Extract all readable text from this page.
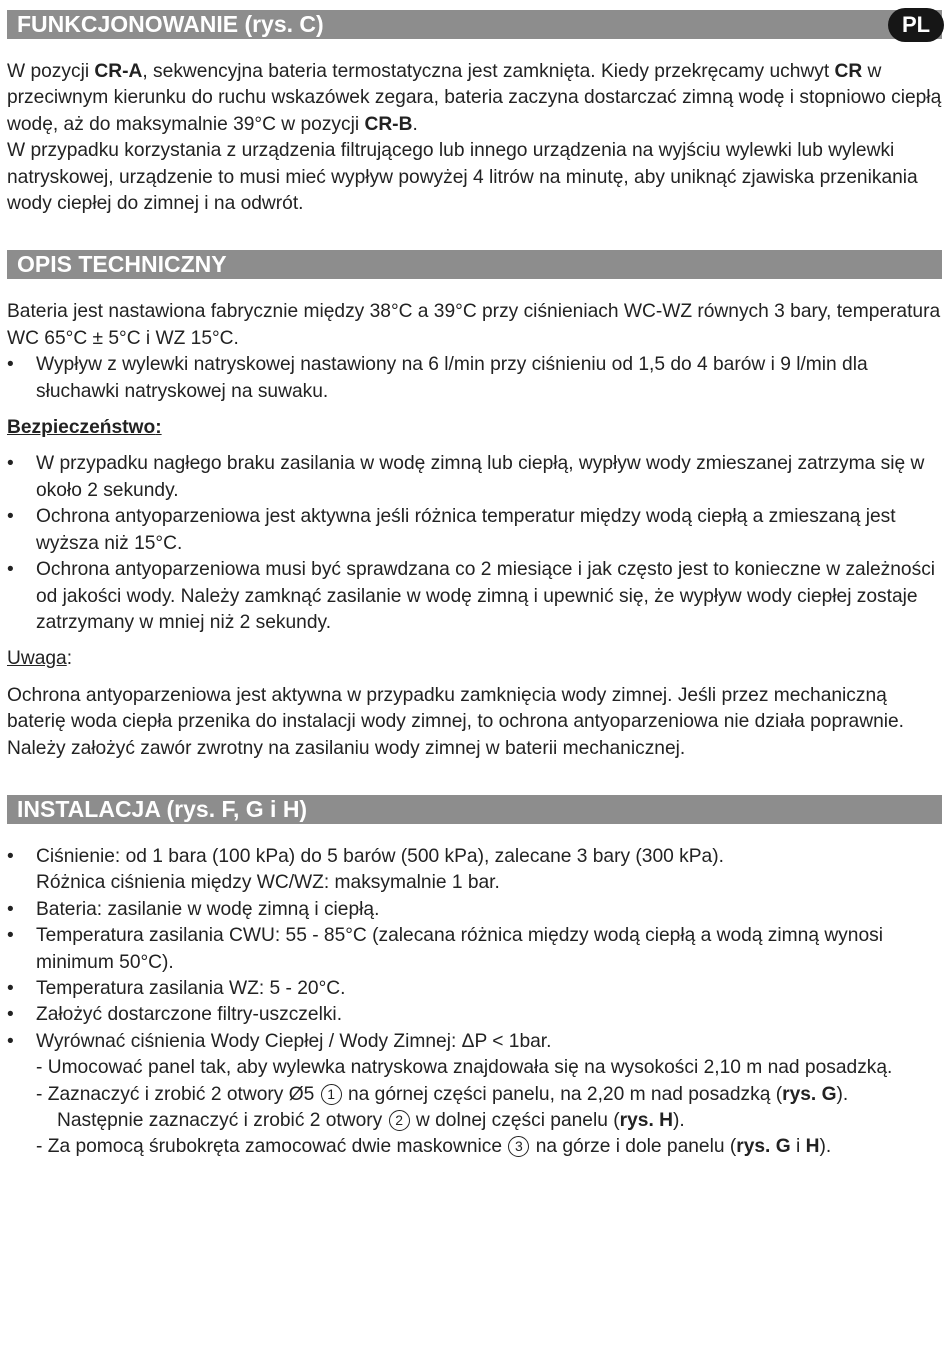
FUNKCJONOWANIE (rys. C)	PL

W pozycji CR-A, sekwencyjna bateria termostatyczna jest zamknięta. Kiedy przekręcamy uchwyt CR w przeciwnym kierunku do ruchu wskazówek zegara, bateria zaczyna dostarczać zimną wodę i stopniowo ciepłą wodę, aż do maksymalnie 39°C w pozycji CR-B.

W przypadku korzystania z urządzenia filtrującego lub innego urządzenia na wyjściu wylewki lub wylewki natryskowej, urządzenie to musi mieć wypływ powyżej 4 litrów na minutę, aby uniknąć zjawiska przenikania wody ciepłej do zimnej i na odwrót.

OPIS TECHNICZNY

Bateria jest nastawiona fabrycznie między 38°C a 39°C przy ciśnieniach WC-WZ równych 3 bary, temperatura WC 65°C ± 5°C i WZ 15°C.

• Wypływ z wylewki natryskowej nastawiony na 6 l/min przy ciśnieniu od 1,5 do 4 barów i 9 l/min dla słuchawki natryskowej na suwaku.

Bezpieczeństwo:

• W przypadku nagłego braku zasilania w wodę zimną lub ciepłą, wypływ wody zmieszanej zatrzyma się w około 2 sekundy.
• Ochrona antyoparzeniowa jest aktywna jeśli różnica temperatur między wodą ciepłą a zmieszaną jest wyższa niż 15°C.
• Ochrona antyoparzeniowa musi być sprawdzana co 2 miesiące i jak często jest to konieczne w zależności od jakości wody. Należy zamknąć zasilanie w wodę zimną i upewnić się, że wypływ wody ciepłej zostaje zatrzymany w mniej niż 2 sekundy.

Uwaga:

Ochrona antyoparzeniowa jest aktywna w przypadku zamknięcia wody zimnej. Jeśli przez mechaniczną baterię woda ciepła przenika do instalacji wody zimnej, to ochrona antyoparzeniowa nie działa poprawnie. Należy założyć zawór zwrotny na zasilaniu wody zimnej w baterii mechanicznej.

INSTALACJA (rys. F, G i H)
• Ciśnienie: od 1 bara (100 kPa) do 5 barów (500 kPa), zalecane 3 bary (300 kPa).
Różnica ciśnienia między WC/WZ: maksymalnie 1 bar.
• Bateria: zasilanie w wodę zimną i ciepłą.
• Temperatura zasilania CWU: 55 - 85°C (zalecana różnica między wodą ciepłą a wodą zimną wynosi minimum 50°C).
• Temperatura zasilania WZ: 5 - 20°C.
• Założyć dostarczone filtry-uszczelki.
• Wyrównać ciśnienia Wody Ciepłej / Wody Zimnej: ΔP < 1bar.
- Umocować panel tak, aby wylewka natryskowa znajdowała się na wysokości 2,10 m nad posadzką.
- Zaznaczyć i zrobić 2 otwory Ø5 1 na górnej części panelu, na 2,20 m nad posadzką (rys. G).
Następnie zaznaczyć i zrobić 2 otwory 2 w dolnej części panelu (rys. H).
- Za pomocą śrubokręta zamocować dwie maskownice 3 na górze i dole panelu (rys. G i H).
